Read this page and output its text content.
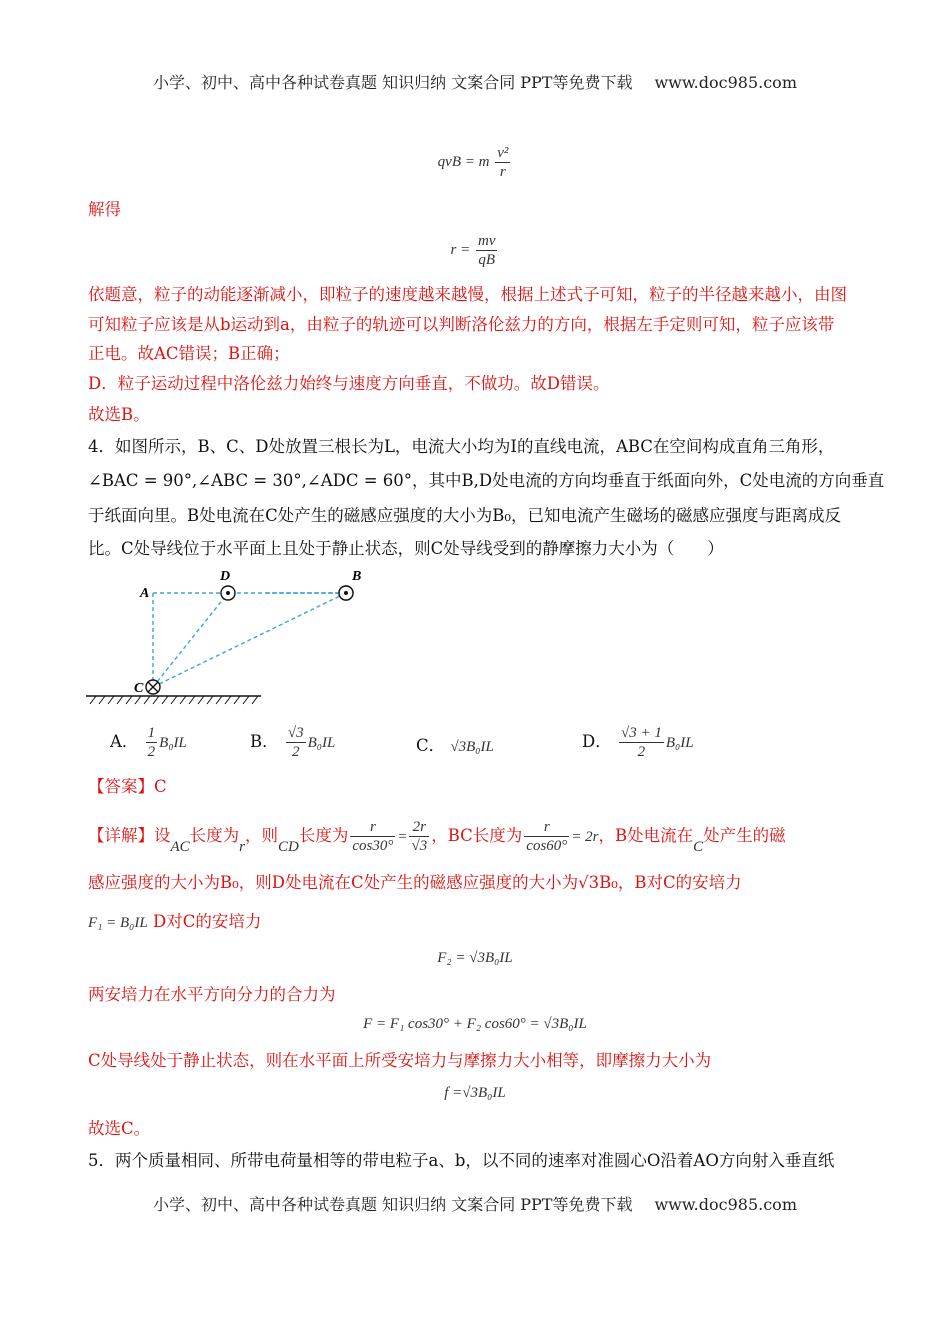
小学、初中、高中各种试卷真题 知识归纳 文案合同 PPT等免费下载 www.doc985.com
qvB = m $\frac{\text{v²}}{r}$
解得
$r = \frac{mv}{qB}$
依题意，粒子的动能逐渐减小，即粒子的速度越来越慢，根据上述式子可知，粒子的半径越来越小，由图
可知粒子应该是从b运动到a，由粒子的轨迹可以判断洛伦兹力的方向，根据左手定则可知，粒子应该带
正电。故AC错误；B正确；
D．粒子运动过程中洛伦兹力始终与速度方向垂直，不做功。故D错误。
故选B。
4．如图所示，B、C、D处放置三根长为L，电流大小均为I的直线电流，ABC在空间构成直角三角形，
∠BAC = 90°,∠ABC = 30°,∠ADC = 60°，其中B,D处电流的方向均垂直于纸面向外，C处电流的方向垂直
于纸面向里。B处电流在C处产生的磁感应强度的大小为B₀，已知电流产生磁场的磁感应强度与距离成反
比。C处导线位于水平面上且处于静止状态，则C处导线受到的静摩擦力大小为（　　）
A
D
C
B
A． $\frac{1}{2} B_0IL$	B． $\frac{√3}{2} B_0IL$	C． √3B₀IL	D． $\frac{√3 + 1}{2} B_0IL$
【答案】C
【详解】设AC长度为r，则CD长度为 $\frac{r}{\cos 30^\circ} = \frac{2r}{√3}$ ，BC长度为 $\frac{r}{\cos 60^\circ} = 2r$，B处电流在C处产生的磁
感应强度的大小为B₀，则D处电流在C处产生的磁感应强度的大小为√3B₀，B对C的安培力
F₁ = B₀IL D对C的安培力
F₂ = √3B₀IL
两安培力在水平方向分力的合力为
F = F₁ cos30° + F₂ cos60° = √3B₀IL
C处导线处于静止状态，则在水平面上所受安培力与摩擦力大小相等，即摩擦力大小为
f =√3B₀IL
故选C。
5．两个质量相同、所带电荷量相等的带电粒子a、b，以不同的速率对准圆心O沿着AO方向射入垂直纸
小学、初中、高中各种试卷真题 知识归纳 文案合同 PPT等免费下载 www.doc985.com
